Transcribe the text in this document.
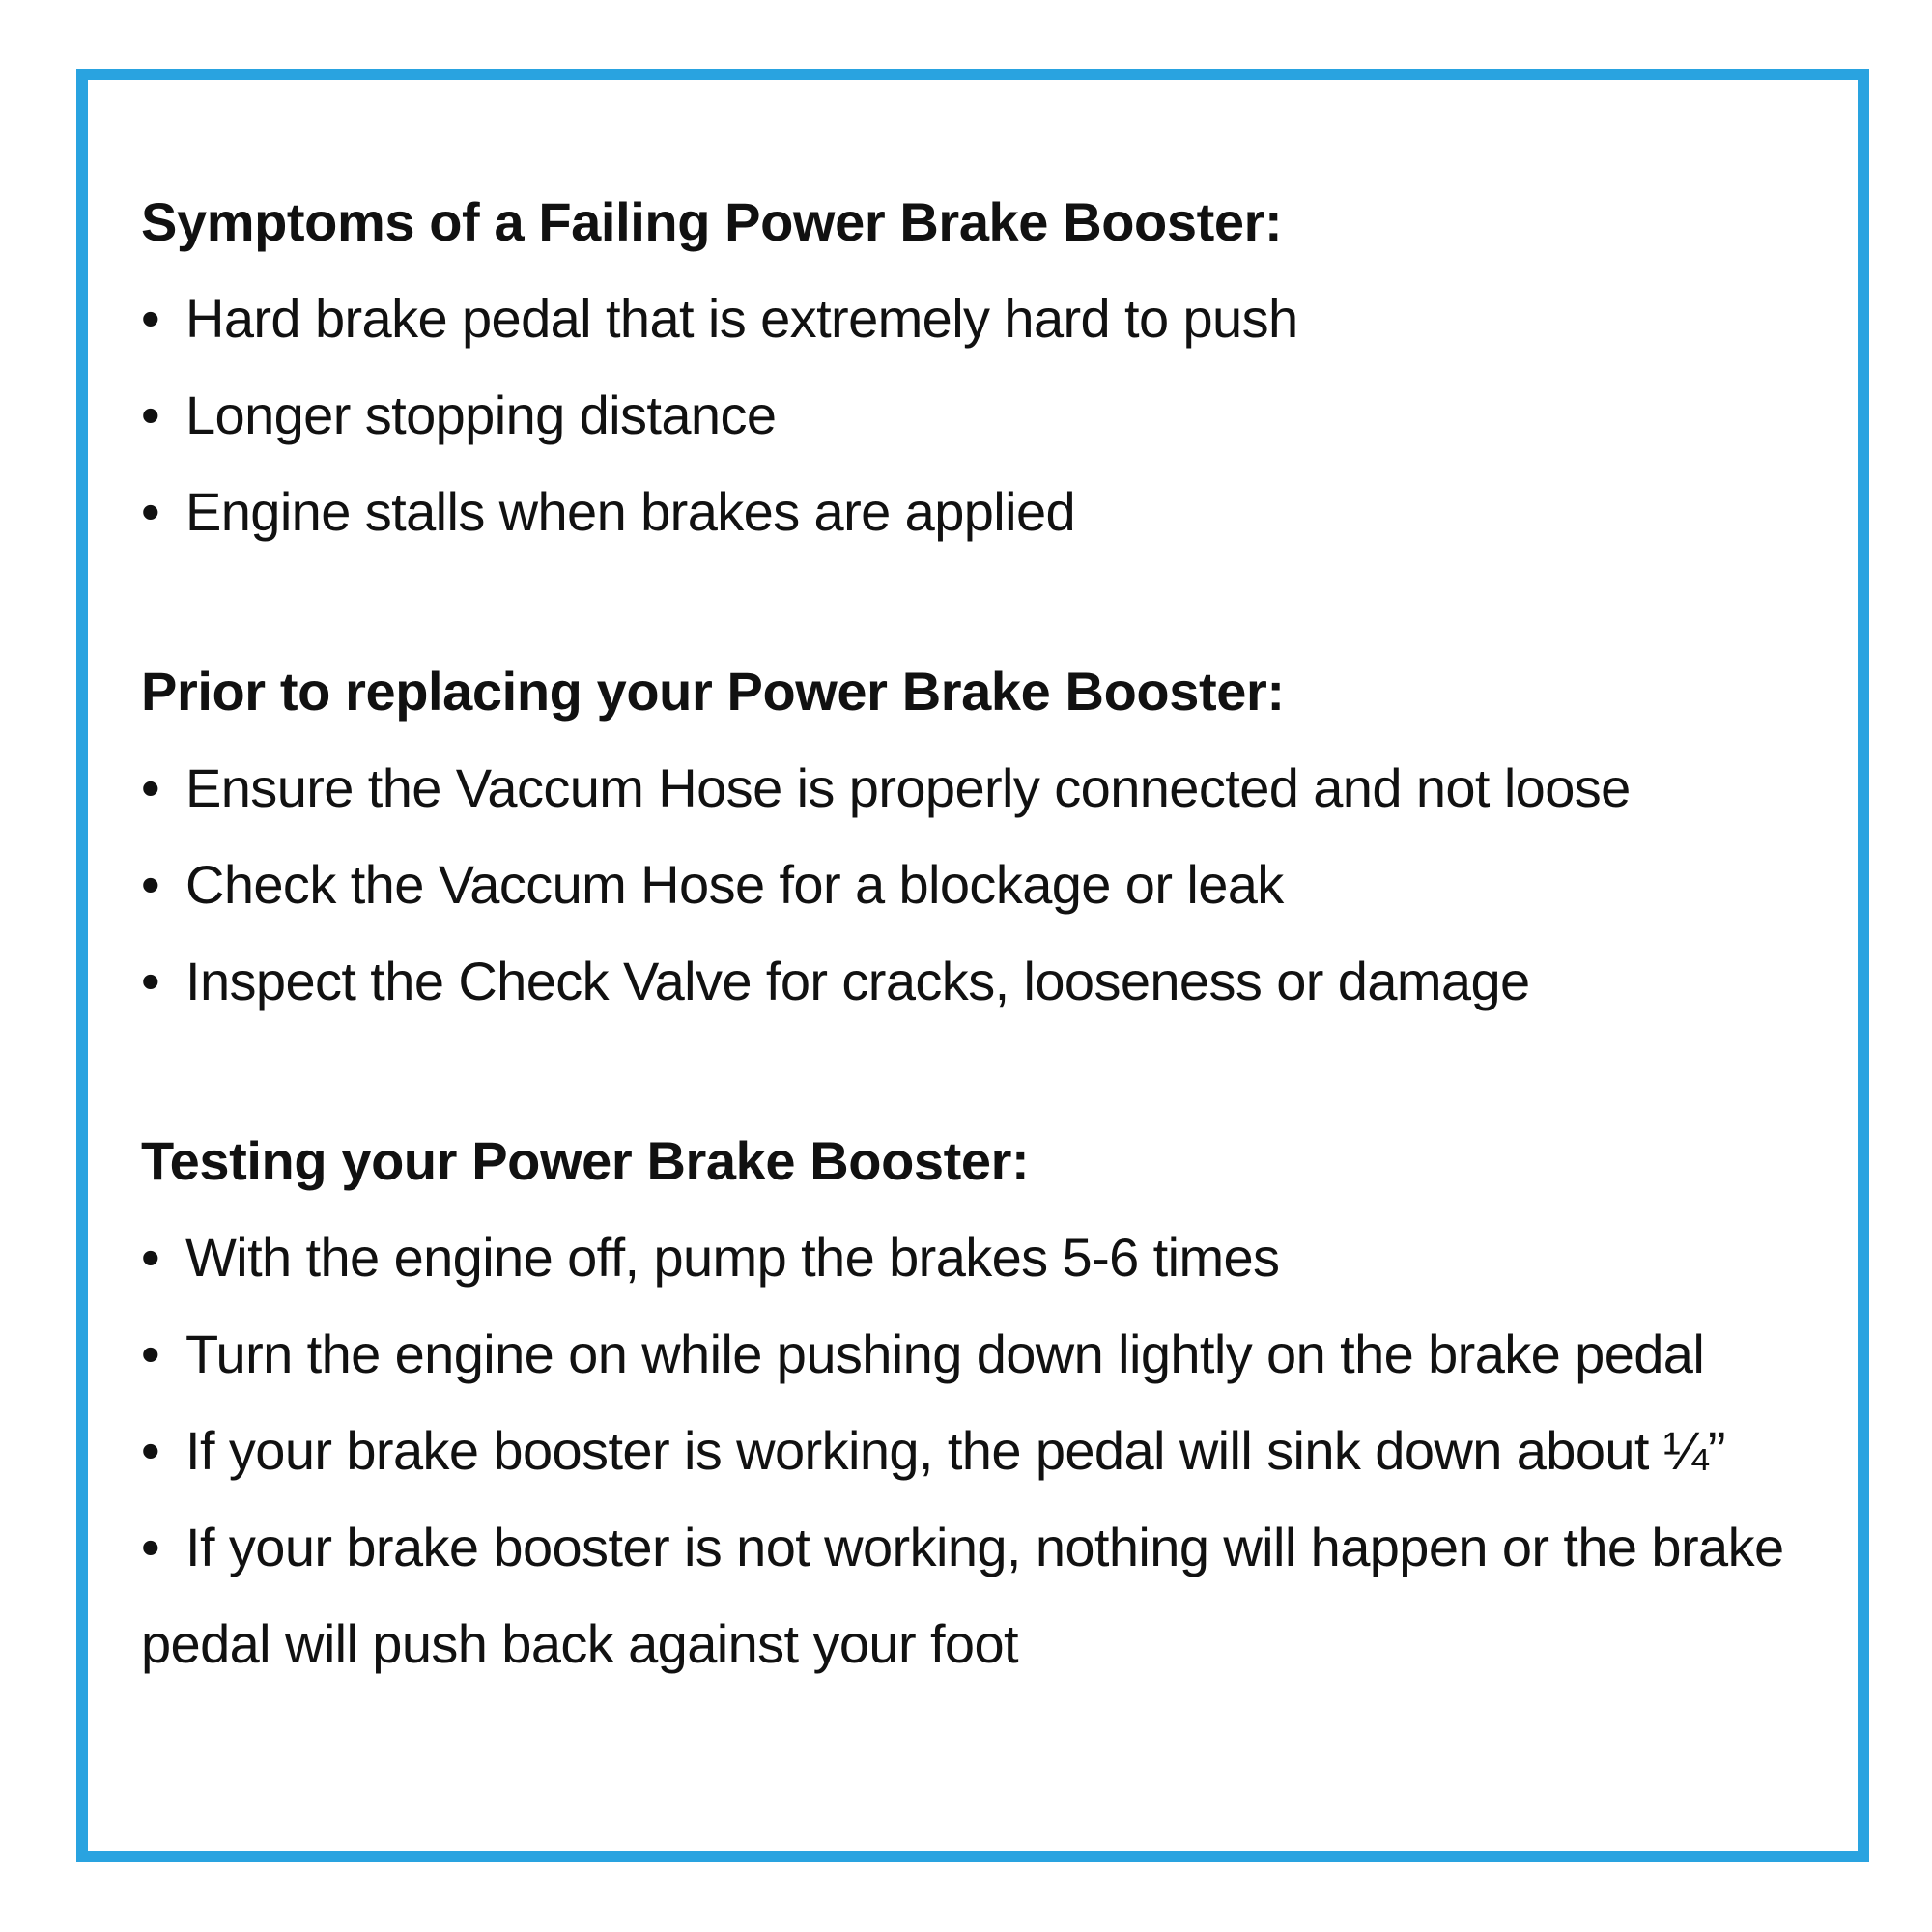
Symptoms of a Failing Power Brake Booster:
• Hard brake pedal that is extremely hard to push
• Longer stopping distance
• Engine stalls when brakes are applied
Prior to replacing your Power Brake Booster:
• Ensure the Vaccum Hose is properly connected and not loose
• Check the Vaccum Hose for a blockage or leak
• Inspect the Check Valve for cracks, looseness or damage
Testing your Power Brake Booster:
• With the engine off, pump the brakes 5-6 times
• Turn the engine on while pushing down lightly on the brake pedal
• If your brake booster is working, the pedal will sink down about ¼”
• If your brake booster is not working, nothing will happen or the brake pedal will push back against your foot
